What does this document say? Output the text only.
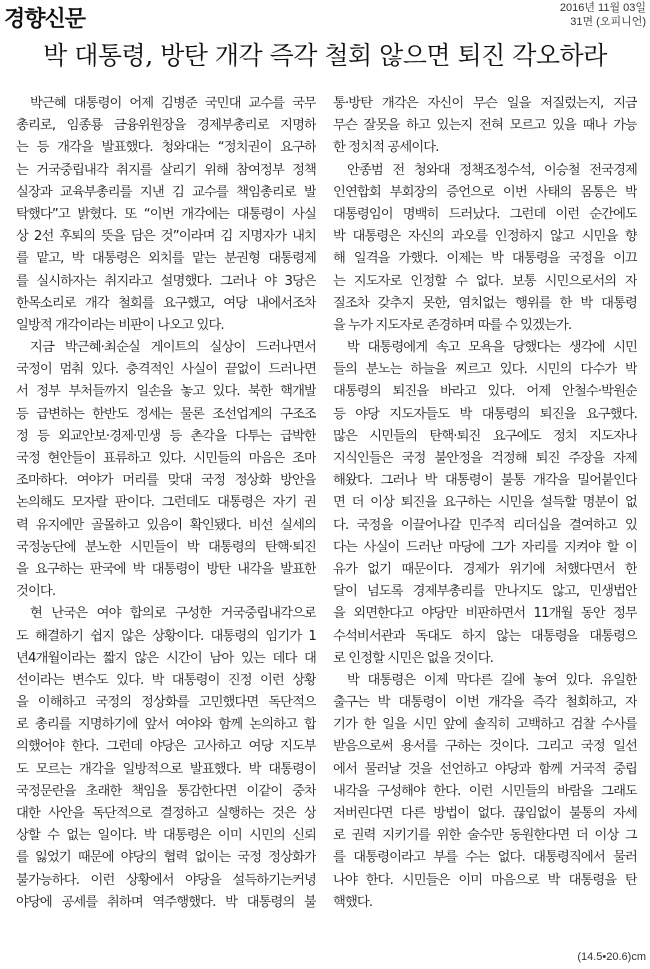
경향신문	2016년 11월 03일
31면 (오피니언)
박 대통령, 방탄 개각 즉각 철회 않으면 퇴진 각오하라
박근혜 대통령이 어제 김병준 국민대 교수를 국무
총리로, 임종룡 금융위원장을 경제부총리로 지명하
는 등 개각을 발표했다. 청와대는 “정치권이 요구하
는 거국중립내각 취지를 살리기 위해 참여정부 정책
실장과 교육부총리를 지낸 김 교수를 책임총리로 발
탁했다”고 밝혔다. 또 “이번 개각에는 대통령이 사실
상 2선 후퇴의 뜻을 담은 것”이라며 김 지명자가 내치
를 맡고, 박 대통령은 외치를 맡는 분권형 대통령제
를 실시하자는 취지라고 설명했다. 그러나 야 3당은
한목소리로 개각 철회를 요구했고, 여당 내에서조차
일방적 개각이라는 비판이 나오고 있다.
지금 박근혜·최순실 게이트의 실상이 드러나면서
국정이 멈춰 있다. 충격적인 사실이 끝없이 드러나면
서 정부 부처들까지 일손을 놓고 있다. 북한 핵개발
등 급변하는 한반도 정세는 물론 조선업계의 구조조
정 등 외교안보·경제·민생 등 촌각을 다투는 급박한
국정 현안들이 표류하고 있다. 시민들의 마음은 조마
조마하다. 여야가 머리를 맞대 국정 정상화 방안을
논의해도 모자랄 판이다. 그런데도 대통령은 자기 권
력 유지에만 골몰하고 있음이 확인됐다. 비선 실세의
국정농단에 분노한 시민들이 박 대통령의 탄핵·퇴진
을 요구하는 판국에 박 대통령이 방탄 내각을 발표한
것이다.
현 난국은 여야 합의로 구성한 거국중립내각으로
도 해결하기 쉽지 않은 상황이다. 대통령의 임기가 1
년4개월이라는 짧지 않은 시간이 남아 있는 데다 대
선이라는 변수도 있다. 박 대통령이 진정 이런 상황
을 이해하고 국정의 정상화를 고민했다면 독단적으
로 총리를 지명하기에 앞서 여야와 함께 논의하고 합
의했어야 한다. 그런데 야당은 고사하고 여당 지도부
도 모르는 개각을 일방적으로 발표했다. 박 대통령이
국정문란을 초래한 책임을 통감한다면 이같이 중차
대한 사안을 독단적으로 결정하고 실행하는 것은 상
상할 수 없는 일이다. 박 대통령은 이미 시민의 신뢰
를 잃었기 때문에 야당의 협력 없이는 국정 정상화가
불가능하다. 이런 상황에서 야당을 설득하기는커녕
야당에 공세를 취하며 역주행했다. 박 대통령의 불
통·방탄 개각은 자신이 무슨 일을 저질렀는지, 지금
무슨 잘못을 하고 있는지 전혀 모르고 있을 때나 가능
한 정치적 공세이다.
안종범 전 청와대 정책조정수석, 이승철 전국경제
인연합회 부회장의 증언으로 이번 사태의 몸통은 박
대통령임이 명백히 드러났다. 그런데 이런 순간에도
박 대통령은 자신의 과오를 인정하지 않고 시민을 향
해 일격을 가했다. 이제는 박 대통령을 국정을 이끄
는 지도자로 인정할 수 없다. 보통 시민으로서의 자
질조차 갖추지 못한, 염치없는 행위를 한 박 대통령
을 누가 지도자로 존경하며 따를 수 있겠는가.
박 대통령에게 속고 모욕을 당했다는 생각에 시민
들의 분노는 하늘을 찌르고 있다. 시민의 다수가 박
대통령의 퇴진을 바라고 있다. 어제 안철수·박원순
등 야당 지도자들도 박 대통령의 퇴진을 요구했다.
많은 시민들의 탄핵·퇴진 요구에도 정치 지도자나
지식인들은 국정 불안정을 걱정해 퇴진 주장을 자제
해왔다. 그러나 박 대통령이 불통 개각을 밀어붙인다
면 더 이상 퇴진을 요구하는 시민을 설득할 명분이 없
다. 국정을 이끌어나갈 민주적 리더십을 결여하고 있
다는 사실이 드러난 마당에 그가 자리를 지켜야 할 이
유가 없기 때문이다. 경제가 위기에 처했다면서 한
달이 넘도록 경제부총리를 만나지도 않고, 민생법안
을 외면한다고 야당만 비판하면서 11개월 동안 정무
수석비서관과 독대도 하지 않는 대통령을 대통령으
로 인정할 시민은 없을 것이다.
박 대통령은 이제 막다른 길에 놓여 있다. 유일한
출구는 박 대통령이 이번 개각을 즉각 철회하고, 자
기가 한 일을 시민 앞에 솔직히 고백하고 검찰 수사를
받음으로써 용서를 구하는 것이다. 그리고 국정 일선
에서 물러날 것을 선언하고 야당과 함께 거국적 중립
내각을 구성해야 한다. 이런 시민들의 바람을 그래도
저버린다면 다른 방법이 없다. 끊임없이 불통의 자세
로 권력 지키기를 위한 술수만 동원한다면 더 이상 그
를 대통령이라고 부를 수는 없다. 대통령직에서 물러
나야 한다. 시민들은 이미 마음으로 박 대통령을 탄
핵했다.
(14.5•20.6)cm
